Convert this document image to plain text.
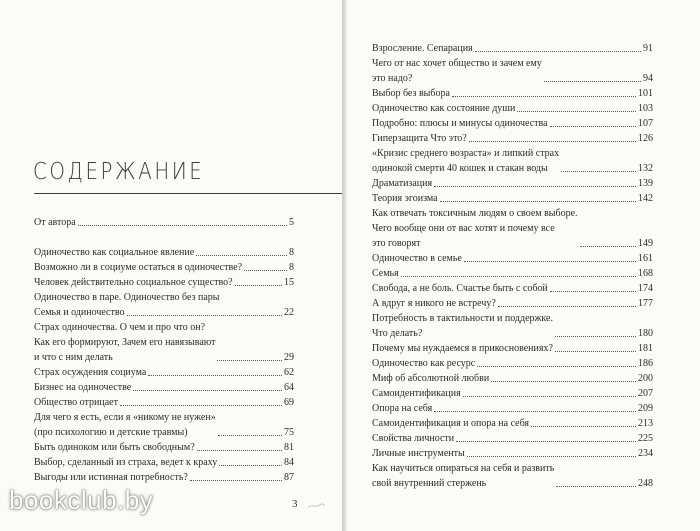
СОДЕРЖАНИЕ
От автора	5
Одиночество как социальное явление	8
Возможно ли в социуме остаться в одиночестве?	8
Человек действительно социальное существо?	15
Одиночество в паре. Одиночество без пары
Семья и одиночество	22
Страх одиночества. О чем и про что он?
Как его формируют, Зачем его навязывают
и что с ним делать	29
Страх осуждения социума	62
Бизнес на одиночестве	64
Общество отрицает	69
Для чего я есть, если я «никому не нужен»
(про психологию и детские травмы)	75
Быть одиноком или быть свободным?	81
Выбор, сделанный из страха, ведет к краху	84
Выгоды или истинная потребность?	87
Взросление. Сепарация	91
Чего от нас хочет общество и зачем ему
это надо?	94
Выбор без выбора	101
Одиночество как состояние души	103
Подробно: плюсы и минусы одиночества	107
Гиперзащита Что это?	126
«Кризис среднего возраста» и липкий страх
одинокой смерти 40 кошек и стакан воды	132
Драматизация	139
Теория эгоизма	142
Как отвечать токсичным людям о своем выборе.
Чего вообще они от вас хотят и почему все
это говорят	149
Одиночество в семье	161
Семья	168
Свобода, а не боль. Счастье быть с собой	174
А вдруг я никого не встречу?	177
Потребность в тактильности и поддержке.
Что делать?	180
Почему мы нуждаемся в прикосновениях?	181
Одиночество как ресурс	186
Миф об абсолютной любви	200
Самоидентификация	207
Опора на себя	209
Самоидентификация и опора на себя	213
Свойства личности	225
Личные инструменты	234
Как научиться опираться на себя и развить
свой внутренний стержень	248
3
bookclub.by
